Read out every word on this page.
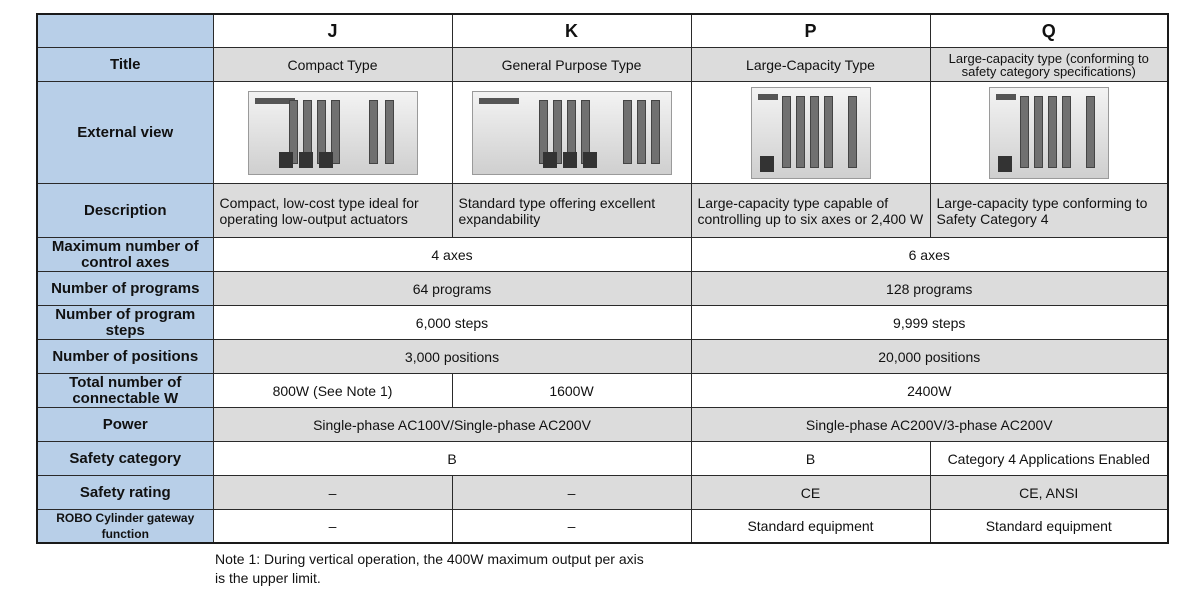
	J	K	P	Q
Title	Compact Type	General Purpose Type	Large-Capacity Type	Large-capacity type (conforming to safety category specifications)
External view	

Description	Compact, low-cost type ideal for operating low-output actuators	Standard type offering excellent expandability	Large-capacity type capable of controlling up to six axes or 2,400 W	Large-capacity type conforming to Safety Category 4
Maximum number of control axes	4 axes		6 axes	
Number of programs	64 programs		128 programs	
Number of program steps	6,000 steps		9,999 steps	
Number of positions	3,000 positions		20,000 positions	
Total number of connectable W	800W (See Note 1)	1600W	2400W	
Power	Single-phase AC100V/Single-phase AC200V		Single-phase AC200V/3-phase AC200V	
Safety category	B		B	Category 4 Applications Enabled
Safety rating	–	–	CE	CE, ANSI
ROBO Cylinder gateway function	–	–	Standard equipment	Standard equipment
Note 1: During vertical operation, the 400W maximum output per axis is the upper limit.
